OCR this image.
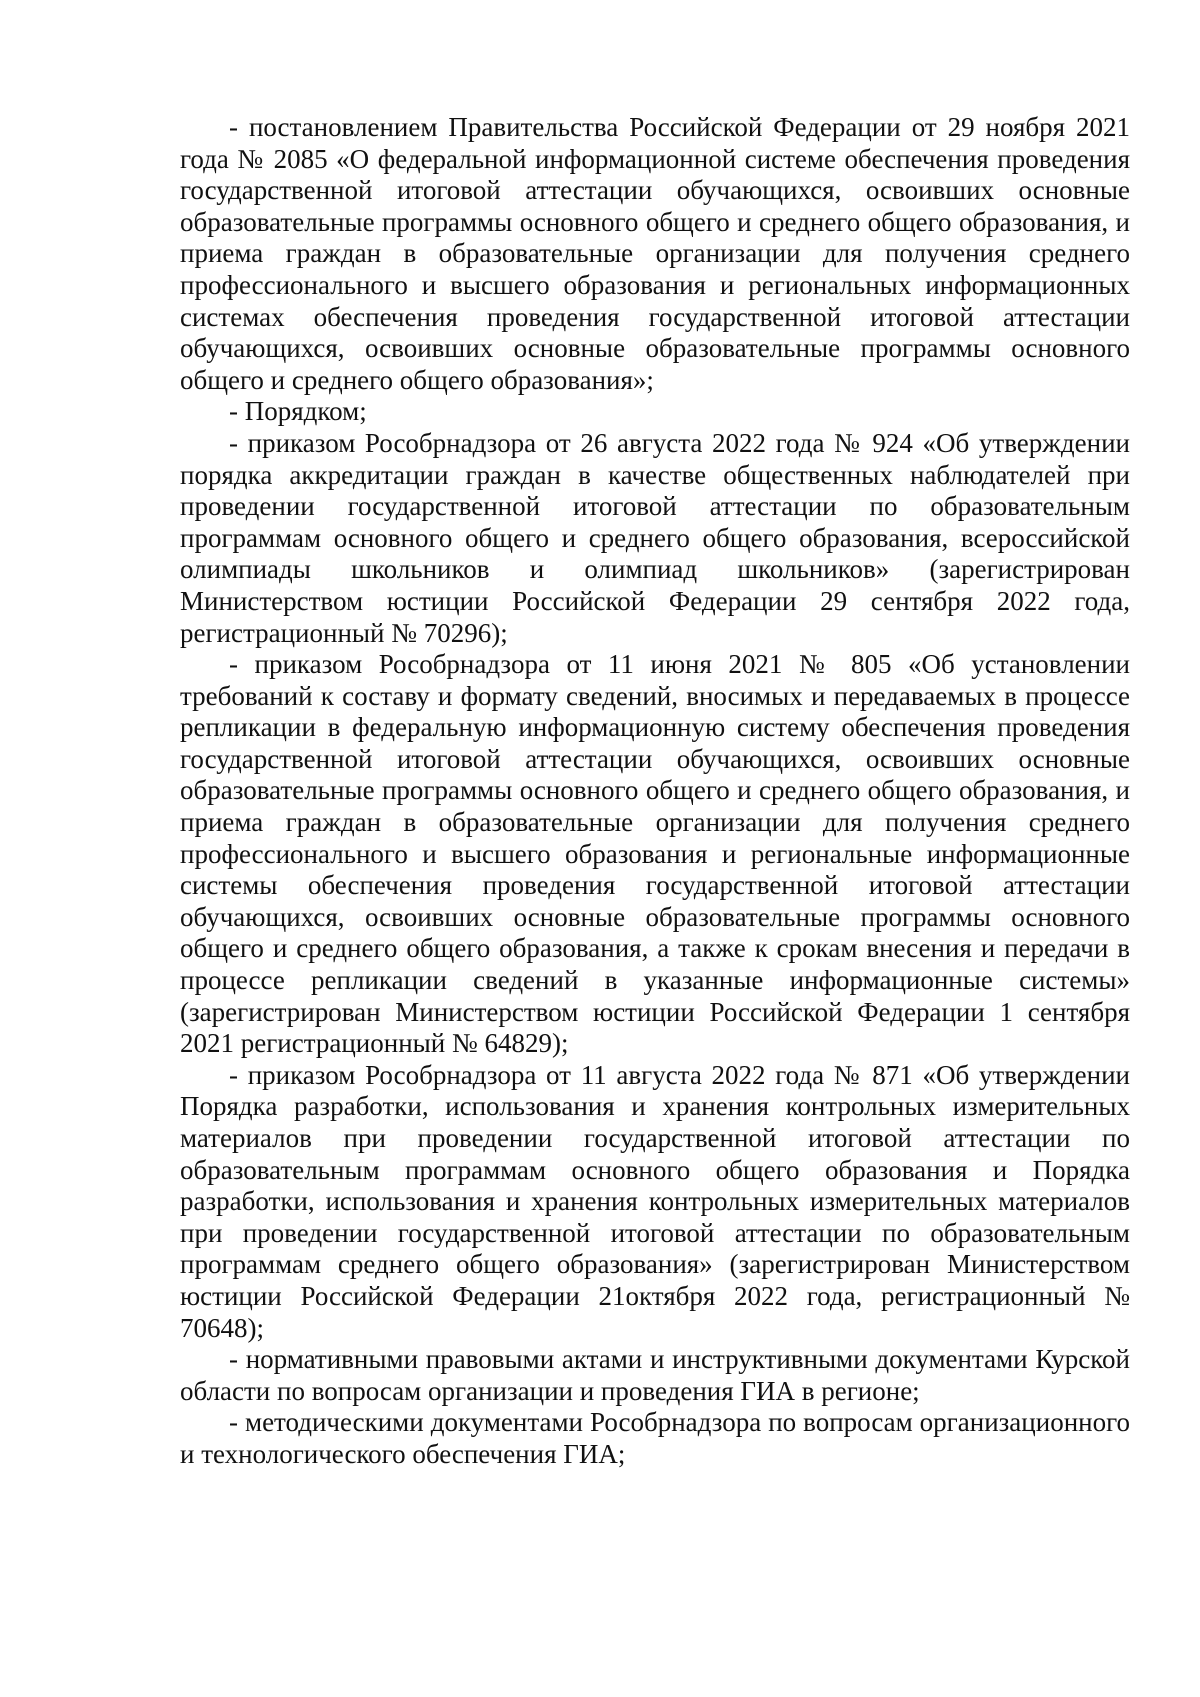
- постановлением Правительства Российской Федерации от 29 ноября 2021 года № 2085 «О федеральной информационной системе обеспечения проведения государственной итоговой аттестации обучающихся, освоивших основные образовательные программы основного общего и среднего общего образования, и приема граждан в образовательные организации для получения среднего профессионального и высшего образования и региональных информационных системах обеспечения проведения государственной итоговой аттестации обучающихся, освоивших основные образовательные программы основного общего и среднего общего образования»;

- Порядком;

- приказом Рособрнадзора от 26 августа 2022 года № 924 «Об утверждении порядка аккредитации граждан в качестве общественных наблюдателей при проведении государственной итоговой аттестации по образовательным программам основного общего и среднего общего образования, всероссийской олимпиады школьников и олимпиад школьников» (зарегистрирован Министерством юстиции Российской Федерации 29 сентября 2022 года, регистрационный № 70296);

- приказом Рособрнадзора от 11 июня 2021 № 805 «Об установлении требований к составу и формату сведений, вносимых и передаваемых в процессе репликации в федеральную информационную систему обеспечения проведения государственной итоговой аттестации обучающихся, освоивших основные образовательные программы основного общего и среднего общего образования, и приема граждан в образовательные организации для получения среднего профессионального и высшего образования и региональные информационные системы обеспечения проведения государственной итоговой аттестации обучающихся, освоивших основные образовательные программы основного общего и среднего общего образования, а также к срокам внесения и передачи в процессе репликации сведений в указанные информационные системы» (зарегистрирован Министерством юстиции Российской Федерации 1 сентября 2021 регистрационный № 64829);

- приказом Рособрнадзора от 11 августа 2022 года № 871 «Об утверждении Порядка разработки, использования и хранения контрольных измерительных материалов при проведении государственной итоговой аттестации по образовательным программам основного общего образования и Порядка разработки, использования и хранения контрольных измерительных материалов при проведении государственной итоговой аттестации по образовательным программам среднего общего образования» (зарегистрирован Министерством юстиции Российской Федерации 21октября 2022 года, регистрационный № 70648);

- нормативными правовыми актами и инструктивными документами Курской области по вопросам организации и проведения ГИА в регионе;

- методическими документами Рособрнадзора по вопросам организационного и технологического обеспечения ГИА;
